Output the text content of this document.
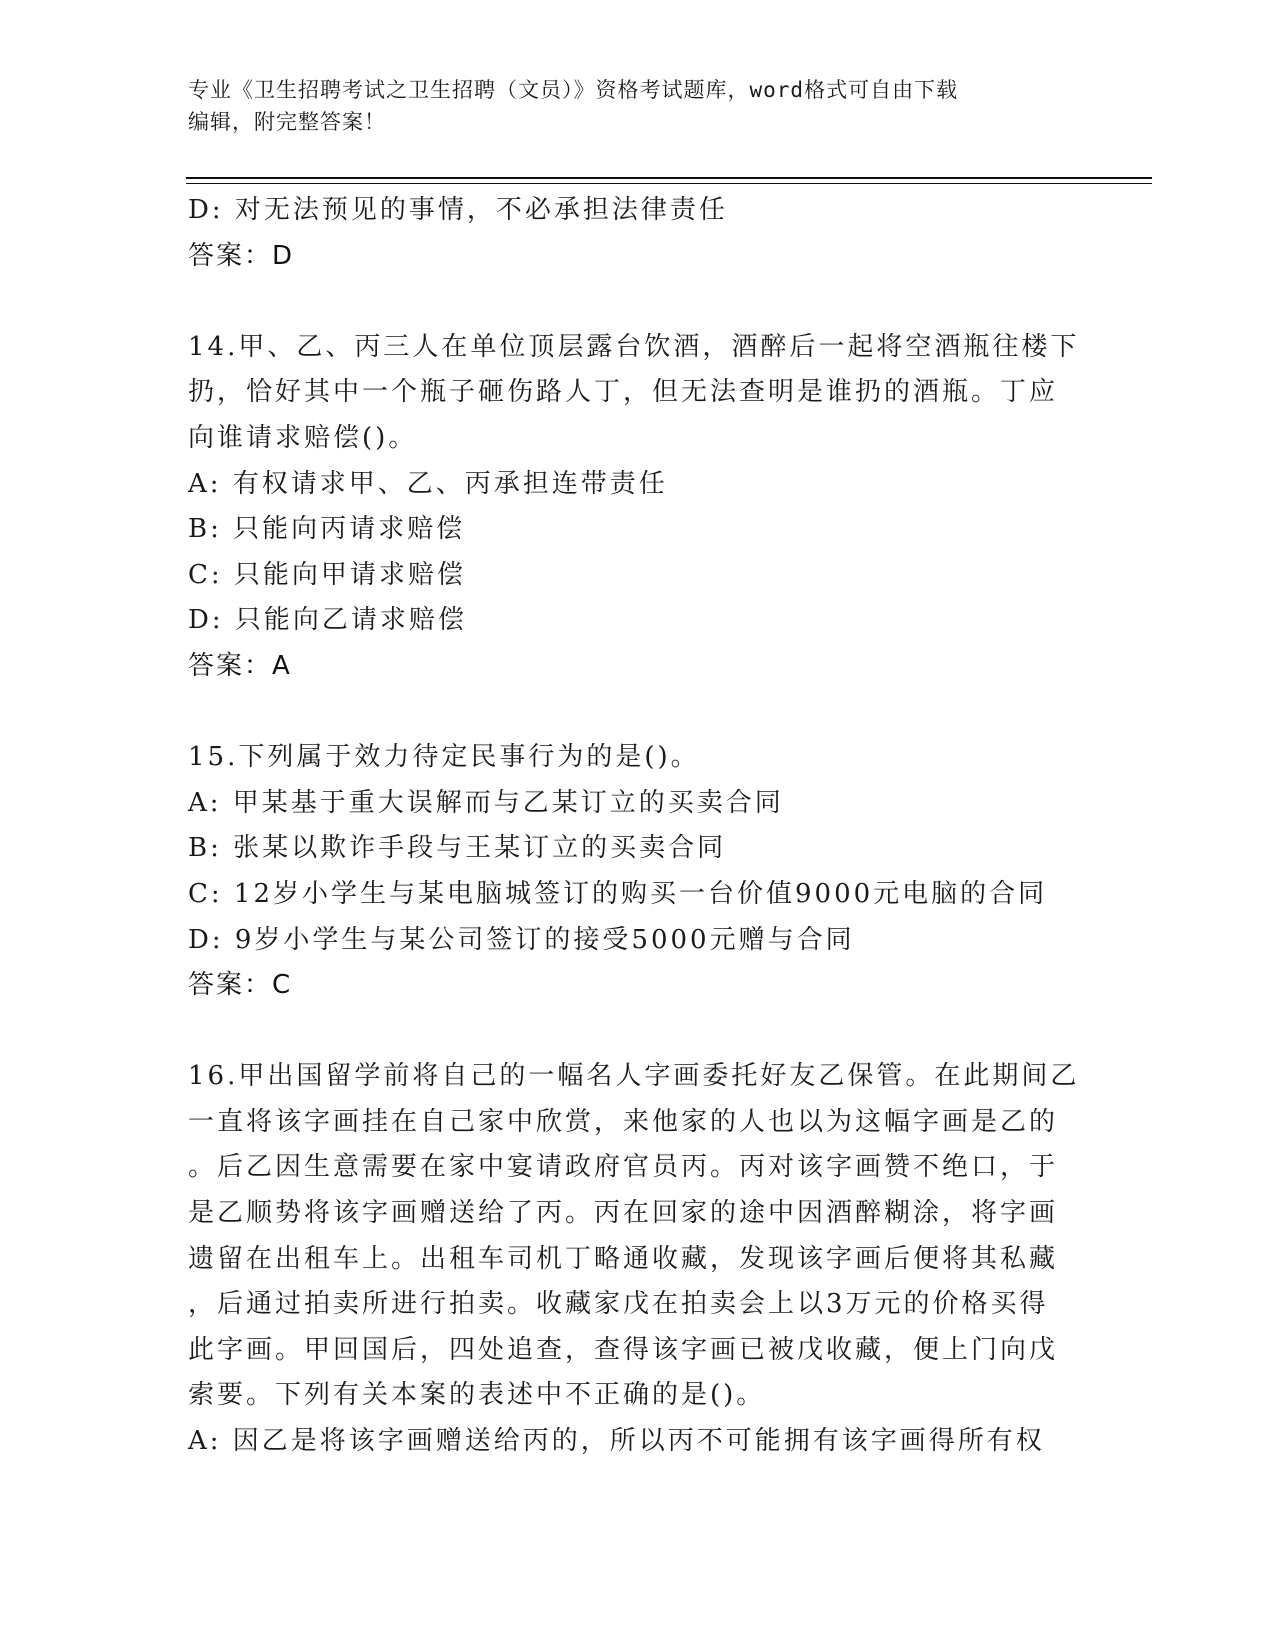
专业《卫生招聘考试之卫生招聘（文员）》资格考试题库，word格式可自由下载
编辑，附完整答案！
D: 对无法预见的事情，不必承担法律责任
答案：D
14.甲、乙、丙三人在单位顶层露台饮酒，酒醉后一起将空酒瓶往楼下
扔，恰好其中一个瓶子砸伤路人丁，但无法查明是谁扔的酒瓶。丁应
向谁请求赔偿()。
A: 有权请求甲、乙、丙承担连带责任
B: 只能向丙请求赔偿
C: 只能向甲请求赔偿
D: 只能向乙请求赔偿
答案：A
15.下列属于效力待定民事行为的是()。
A: 甲某基于重大误解而与乙某订立的买卖合同
B: 张某以欺诈手段与王某订立的买卖合同
C: 12岁小学生与某电脑城签订的购买一台价值9000元电脑的合同
D: 9岁小学生与某公司签订的接受5000元赠与合同
答案：C
16.甲出国留学前将自己的一幅名人字画委托好友乙保管。在此期间乙
一直将该字画挂在自己家中欣赏，来他家的人也以为这幅字画是乙的
。后乙因生意需要在家中宴请政府官员丙。丙对该字画赞不绝口，于
是乙顺势将该字画赠送给了丙。丙在回家的途中因酒醉糊涂，将字画
遗留在出租车上。出租车司机丁略通收藏，发现该字画后便将其私藏
，后通过拍卖所进行拍卖。收藏家戊在拍卖会上以3万元的价格买得
此字画。甲回国后，四处追查，查得该字画已被戊收藏，便上门向戊
索要。下列有关本案的表述中不正确的是()。
A: 因乙是将该字画赠送给丙的，所以丙不可能拥有该字画得所有权
